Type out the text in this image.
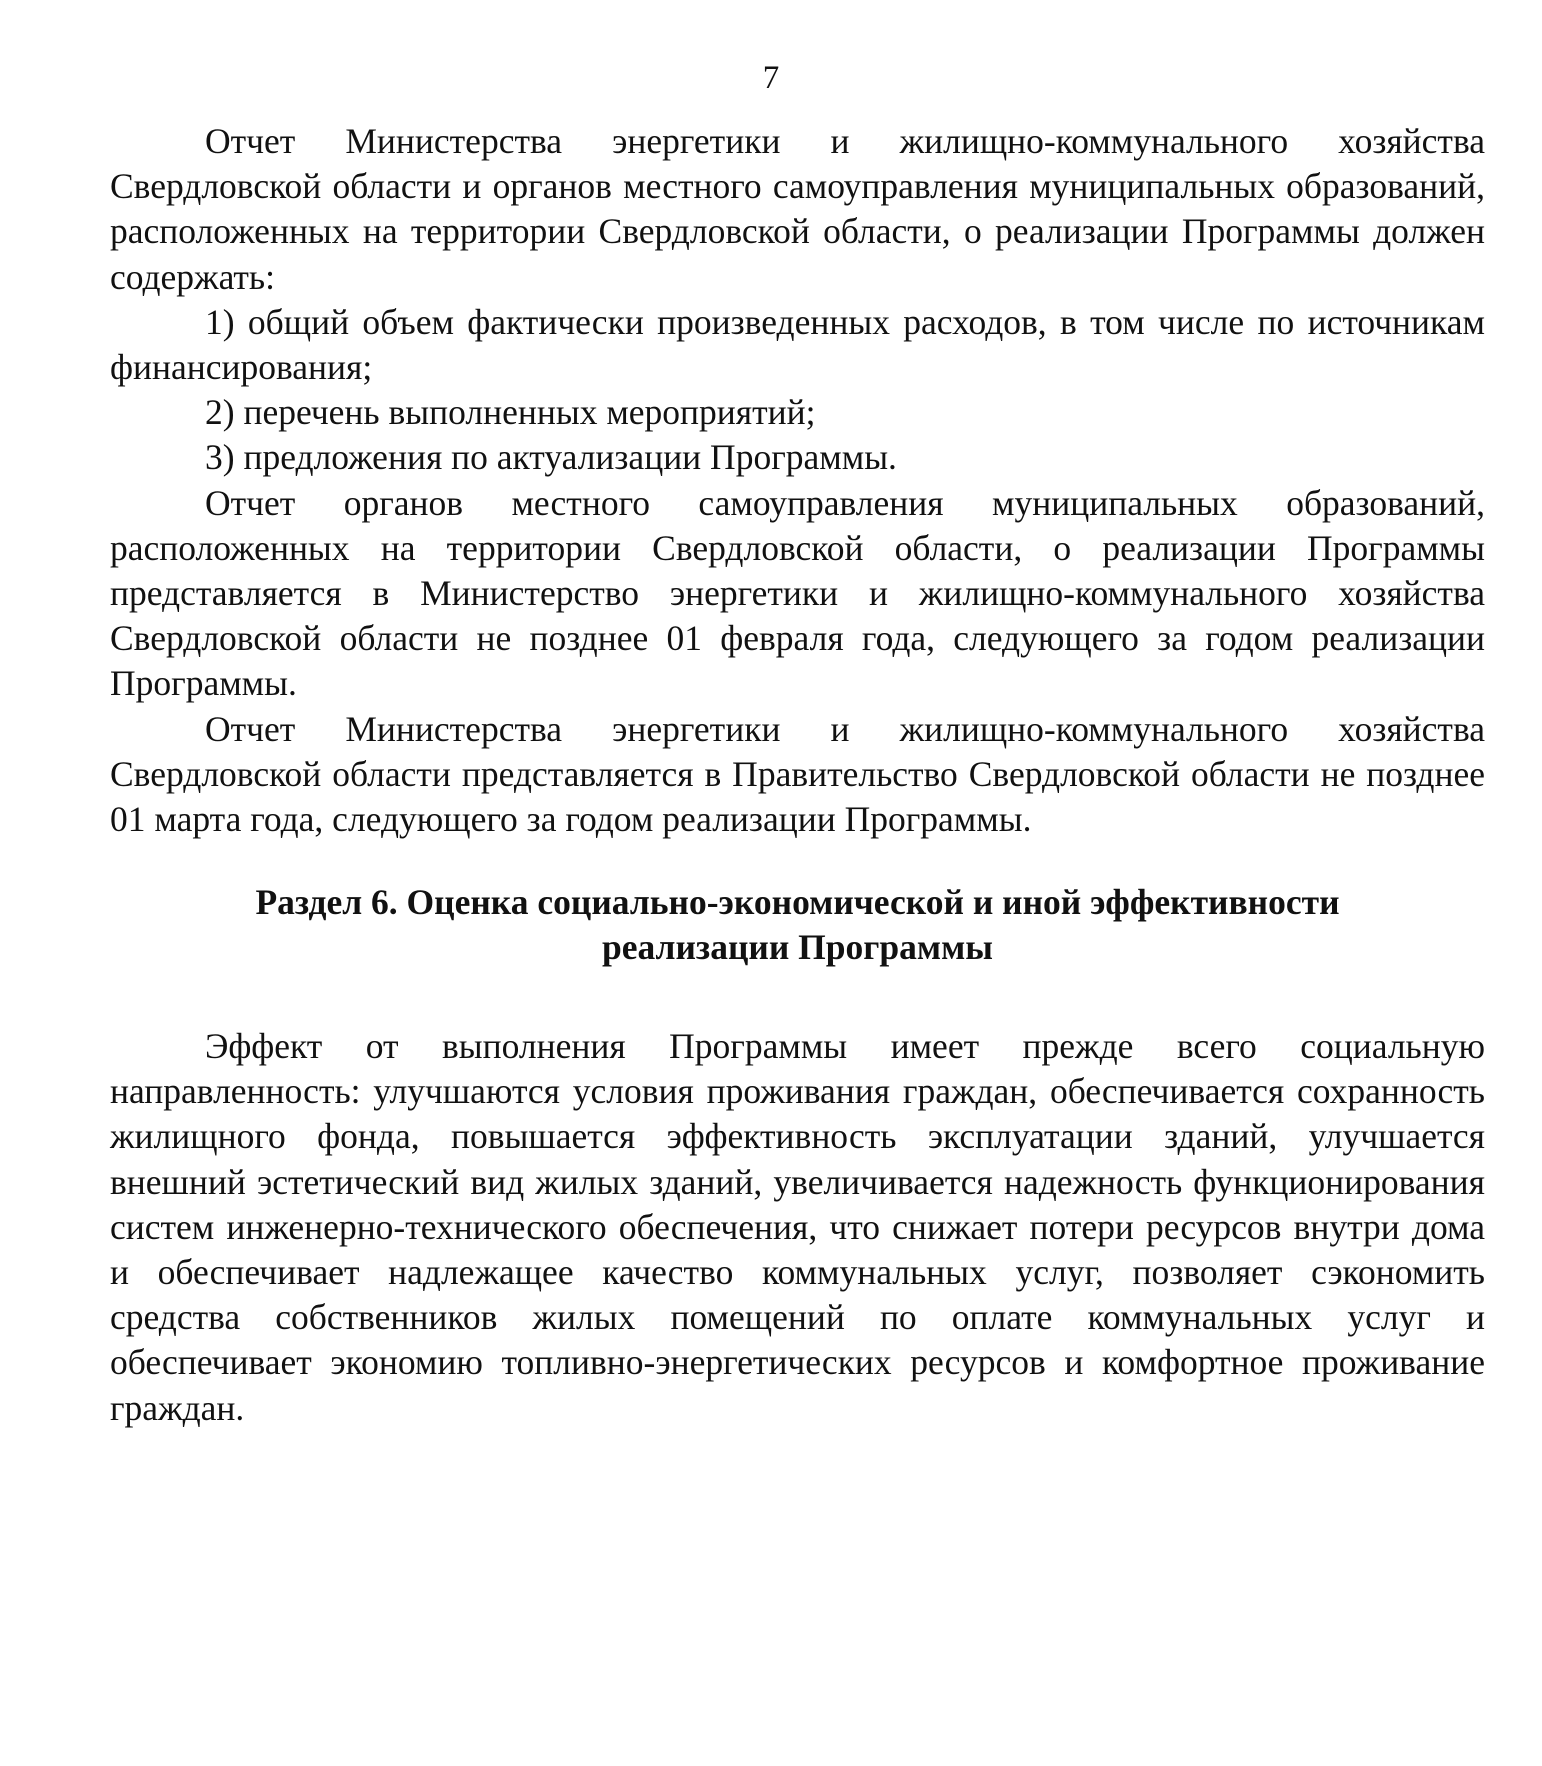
7

Отчет Министерства энергетики и жилищно-коммунального хозяйства Свердловской области и органов местного самоуправления муниципальных образований, расположенных на территории Свердловской области, о реализации Программы должен содержать:

1) общий объем фактически произведенных расходов, в том числе по источникам финансирования;

2) перечень выполненных мероприятий;

3) предложения по актуализации Программы.

Отчет органов местного самоуправления муниципальных образований, расположенных на территории Свердловской области, о реализации Программы представляется в Министерство энергетики и жилищно-коммунального хозяйства Свердловской области не позднее 01 февраля года, следующего за годом реализации Программы.

Отчет Министерства энергетики и жилищно-коммунального хозяйства Свердловской области представляется в Правительство Свердловской области не позднее 01 марта года, следующего за годом реализации Программы.

Раздел 6. Оценка социально-экономической и иной эффективности
реализации Программы

Эффект от выполнения Программы имеет прежде всего социальную направленность: улучшаются условия проживания граждан, обеспечивается сохранность жилищного фонда, повышается эффективность эксплуатации зданий, улучшается внешний эстетический вид жилых зданий, увеличивается надежность функционирования систем инженерно-технического обеспечения, что снижает потери ресурсов внутри дома и обеспечивает надлежащее качество коммунальных услуг, позволяет сэкономить средства собственников жилых помещений по оплате коммунальных услуг и обеспечивает экономию топливно-энергетических ресурсов и комфортное проживание граждан.
